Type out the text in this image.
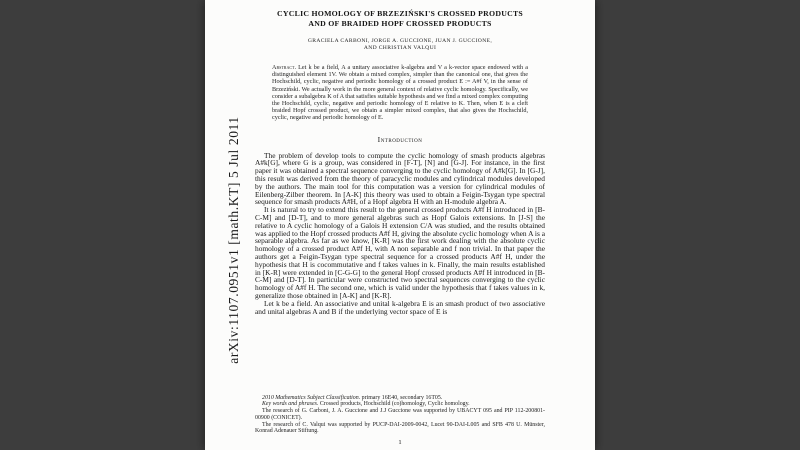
CYCLIC HOMOLOGY OF BRZEZIŃSKI'S CROSSED PRODUCTS
AND OF BRAIDED HOPF CROSSED PRODUCTS
GRACIELA CARBONI, JORGE A. GUCCIONE, JUAN J. GUCCIONE,
AND CHRISTIAN VALQUI
Abstract. Let k be a field, A a unitary associative k-algebra and V a k-vector space endowed with a distinguished element 1V. We obtain a mixed complex, simpler than the canonical one, that gives the Hochschild, cyclic, negative and periodic homology of a crossed product E := A#f V, in the sense of Brzeziński. We actually work in the more general context of relative cyclic homology. Specifically, we consider a subalgebra K of A that satisfies suitable hypothesis and we find a mixed complex computing the Hochschild, cyclic, negative and periodic homology of E relative to K. Then, when E is a cleft braided Hopf crossed product, we obtain a simpler mixed complex, that also gives the Hochschild, cyclic, negative and periodic homology of E.
Introduction

The problem of develop tools to compute the cyclic homology of smash products algebras A#k[G], where G is a group, was considered in [F-T], [N] and [G-J]. For instance, in the first paper it was obtained a spectral sequence converging to the cyclic homology of A#k[G]. In [G-J], this result was derived from the theory of paracyclic modules and cylindrical modules developed by the authors. The main tool for this computation was a version for cylindrical modules of Eilenberg-Zilber theorem. In [A-K] this theory was used to obtain a Feigin-Tsygan type spectral sequence for smash products A#H, of a Hopf algebra H with an H-module algebra A.

It is natural to try to extend this result to the general crossed products A#f H introduced in [B-C-M] and [D-T], and to more general algebras such as Hopf Galois extensions. In [J-S] the relative to A cyclic homology of a Galois H extension C/A was studied, and the results obtained was applied to the Hopf crossed products A#f H, giving the absolute cyclic homology when A is a separable algebra. As far as we know, [K-R] was the first work dealing with the absolute cyclic homology of a crossed product A#f H, with A non separable and f non trivial. In that paper the authors get a Feigin-Tsygan type spectral sequence for a crossed products A#f H, under the hypothesis that H is cocommutative and f takes values in k. Finally, the main results established in [K-R] were extended in [C-G-G] to the general Hopf crossed products A#f H introduced in [B-C-M] and [D-T]. In particular were constructed two spectral sequences converging to the cyclic homology of A#f H. The second one, which is valid under the hypothesis that f takes values in k, generalize those obtained in [A-K] and [K-R].

Let k be a field. An associative and unital k-algebra E is an smash product of two associative and unital algebras A and B if the underlying vector space of E is

2010 Mathematics Subject Classification. primary 16E40, secondary 16T05.
Key words and phrases. Crossed products, Hochschild (co)homology, Cyclic homology.
The research of G. Carboni, J. A. Guccione and J.J Guccione was supported by UBACYT 095 and PIP 112-200801-00900 (CONICET).
The research of C. Valqui was supported by PUCP-DAI-2009-0042, Lucet 90-DAI-L005 and SFB 478 U. Münster, Konrad Adenauer Stiftung.
1
arXiv:1107.0951v1 [math.KT] 5 Jul 2011
